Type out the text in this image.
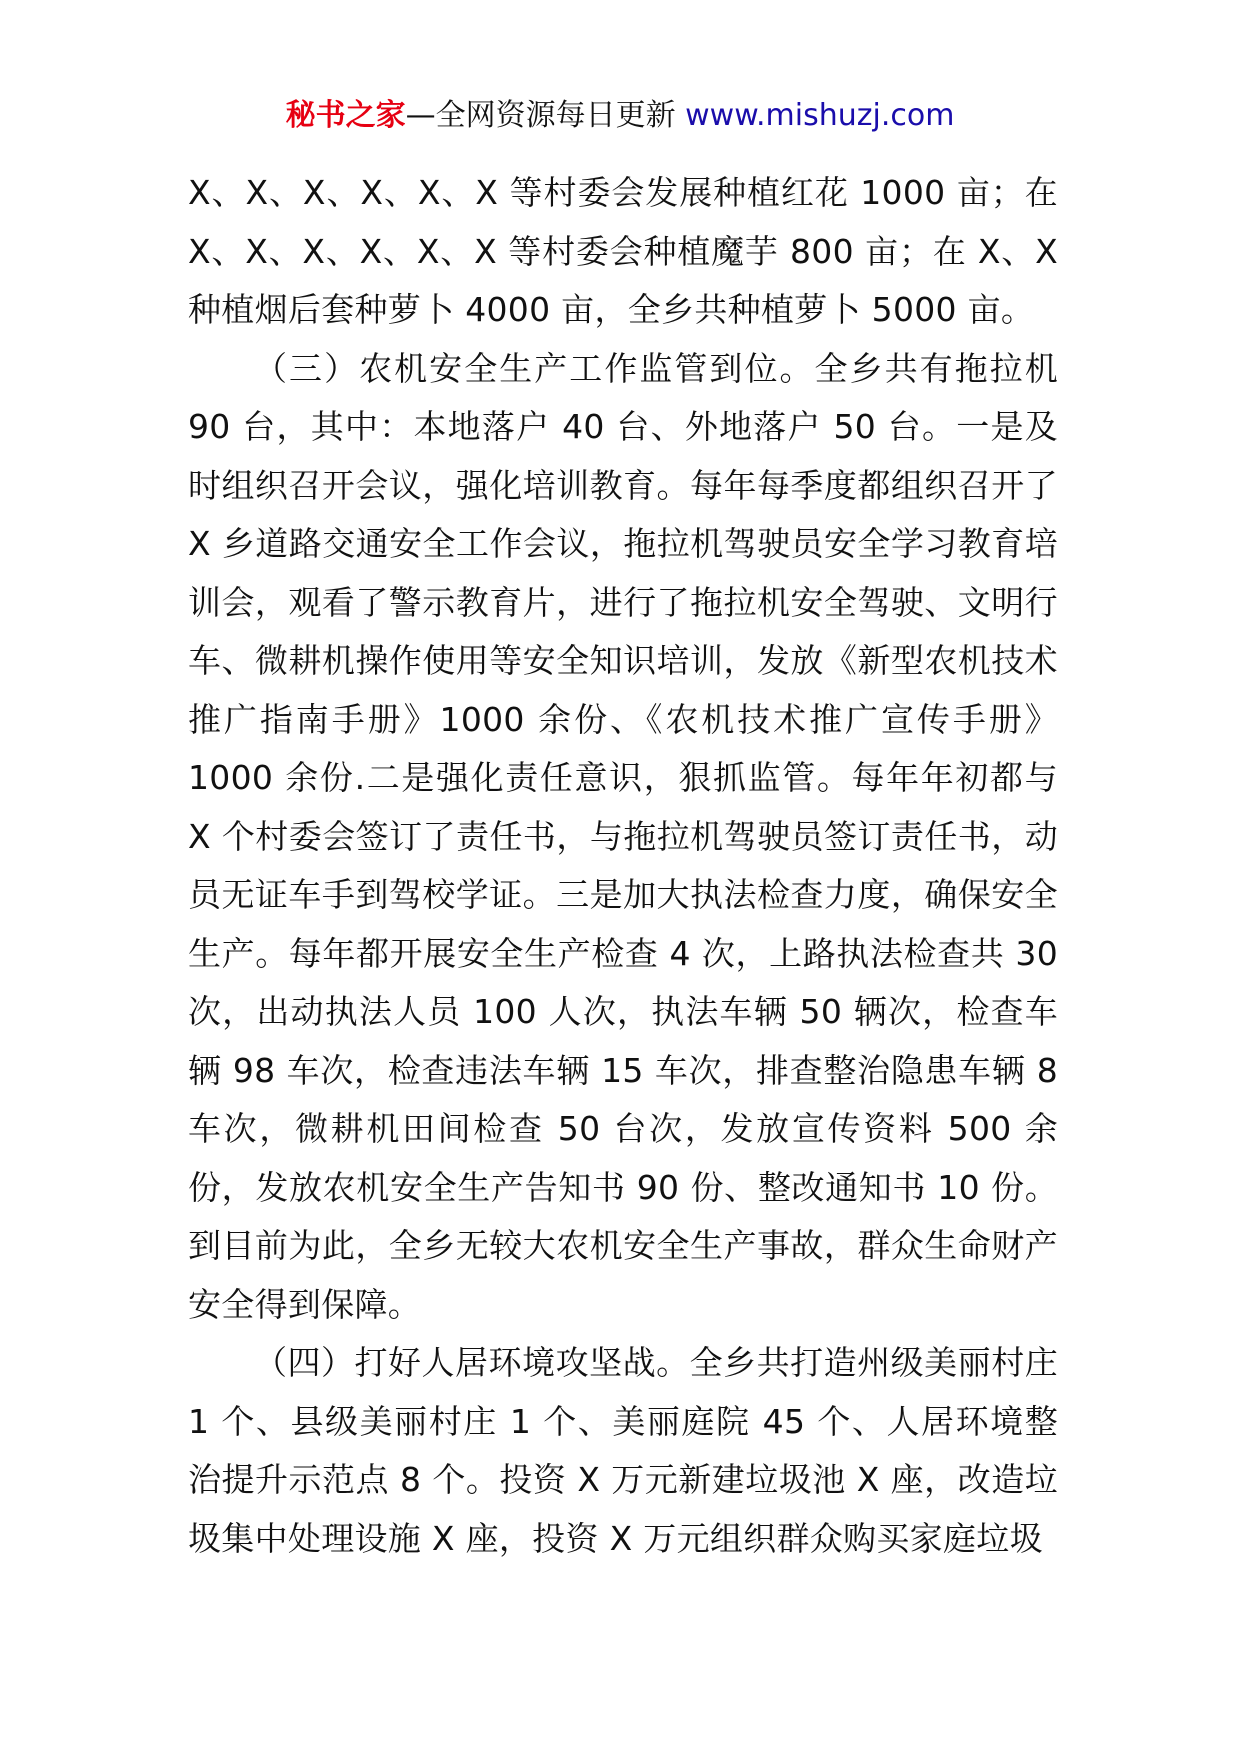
秘书之家—全网资源每日更新 www.mishuzj.com

X、X、X、X、X、X 等村委会发展种植红花 1000 亩；在X、X、X、X、X、X 等村委会种植魔芋 800 亩；在 X、X 种植烟后套种萝卜 4000 亩，全乡共种植萝卜 5000 亩。

（三）农机安全生产工作监管到位。全乡共有拖拉机 90 台，其中：本地落户 40 台、外地落户 50 台。一是及时组织召开会议，强化培训教育。每年每季度都组织召开了 X 乡道路交通安全工作会议，拖拉机驾驶员安全学习教育培训会，观看了警示教育片，进行了拖拉机安全驾驶、文明行车、微耕机操作使用等安全知识培训，发放《新型农机技术推广指南手册》1000 余份、《农机技术推广宣传手册》1000 余份.二是强化责任意识，狠抓监管。每年年初都与 X 个村委会签订了责任书，与拖拉机驾驶员签订责任书，动员无证车手到驾校学证。三是加大执法检查力度，确保安全生产。每年都开展安全生产检查 4 次，上路执法检查共 30 次，出动执法人员 100 人次，执法车辆 50 辆次，检查车辆 98 车次，检查违法车辆 15 车次，排查整治隐患车辆 8 车次，微耕机田间检查 50 台次，发放宣传资料 500 余份，发放农机安全生产告知书 90 份、整改通知书 10 份。到目前为此，全乡无较大农机安全生产事故，群众生命财产安全得到保障。

（四）打好人居环境攻坚战。全乡共打造州级美丽村庄 1 个、县级美丽村庄 1 个、美丽庭院 45 个、人居环境整治提升示范点 8 个。投资 X 万元新建垃圾池 X 座，改造垃圾集中处理设施 X 座，投资 X 万元组织群众购买家庭垃圾
